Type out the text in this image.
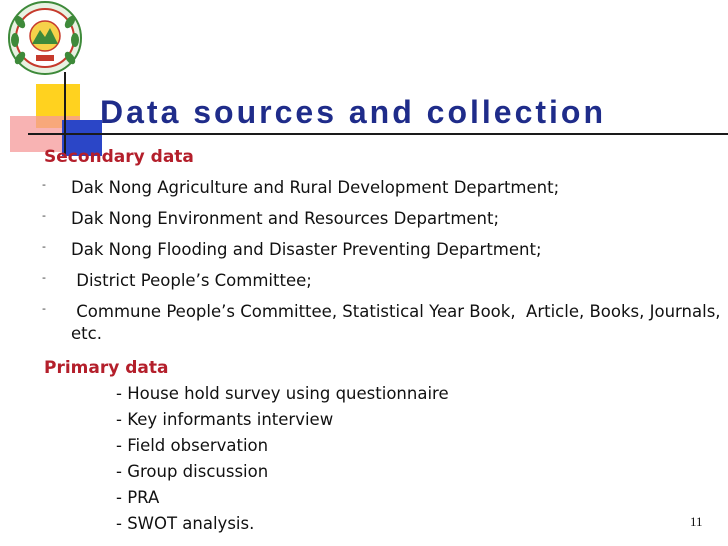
Data sources and collection
Secondary data
- Dak Nong Agriculture and Rural Development Department;
- Dak Nong Environment and Resources Department;
- Dak Nong Flooding and Disaster Preventing Department;
- District People’s Committee;
- Commune People’s Committee, Statistical Year Book,  Article, Books, Journals, etc.
Primary data
- House hold survey using questionnaire
- Key informants interview
- Field observation
- Group discussion
- PRA
- SWOT analysis.	11
